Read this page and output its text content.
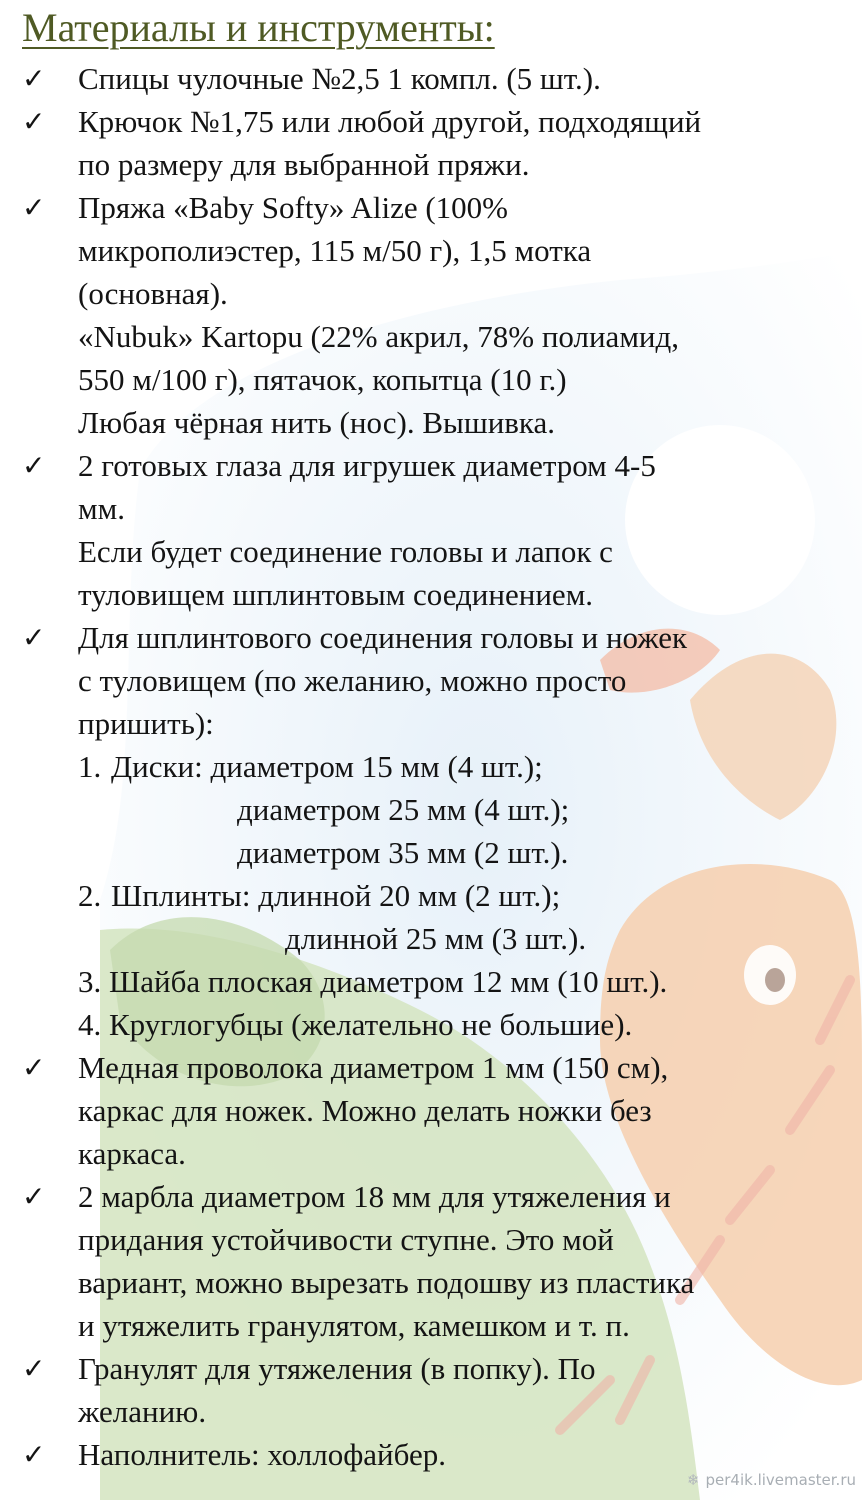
Материалы и инструменты:
✓
✓
✓
✓
✓
✓
✓
✓
✓
Спицы чулочные №2,5 1 компл. (5 шт.).
Крючок №1,75 или любой другой, подходящий
по размеру для выбранной пряжи.
Пряжа «Baby Softy» Alize (100%
микрополиэстер, 115 м/50 г), 1,5 мотка
(основная).
«Nubuk» Kartopu (22% акрил, 78% полиамид,
550 м/100 г), пятачок, копытца (10 г.)
Любая чёрная нить (нос). Вышивка.
2 готовых глаза для игрушек диаметром 4-5
мм.
Если будет соединение головы и лапок с
туловищем шплинтовым соединением.
Для шплинтового соединения головы и ножек
с туловищем (по желанию, можно просто
пришить):
1. Диски: диаметром 15 мм (4 шт.);
диаметром 25 мм (4 шт.);
диаметром 35 мм (2 шт.).
2. Шплинты: длинной 20 мм (2 шт.);
длинной 25 мм (3 шт.).
3. Шайба плоская диаметром 12 мм (10 шт.).
4. Круглогубцы (желательно не большие).
Медная проволока диаметром 1 мм (150 см),
каркас для ножек. Можно делать ножки без
каркаса.
2 марбла диаметром 18 мм для утяжеления и
придания устойчивости ступне. Это мой
вариант, можно вырезать подошву из пластика
и утяжелить гранулятом, камешком и т. п.
Гранулят для утяжеления (в попку). По
желанию.
Наполнитель: холлофайбер.
❄ per4ik.livemaster.ru
